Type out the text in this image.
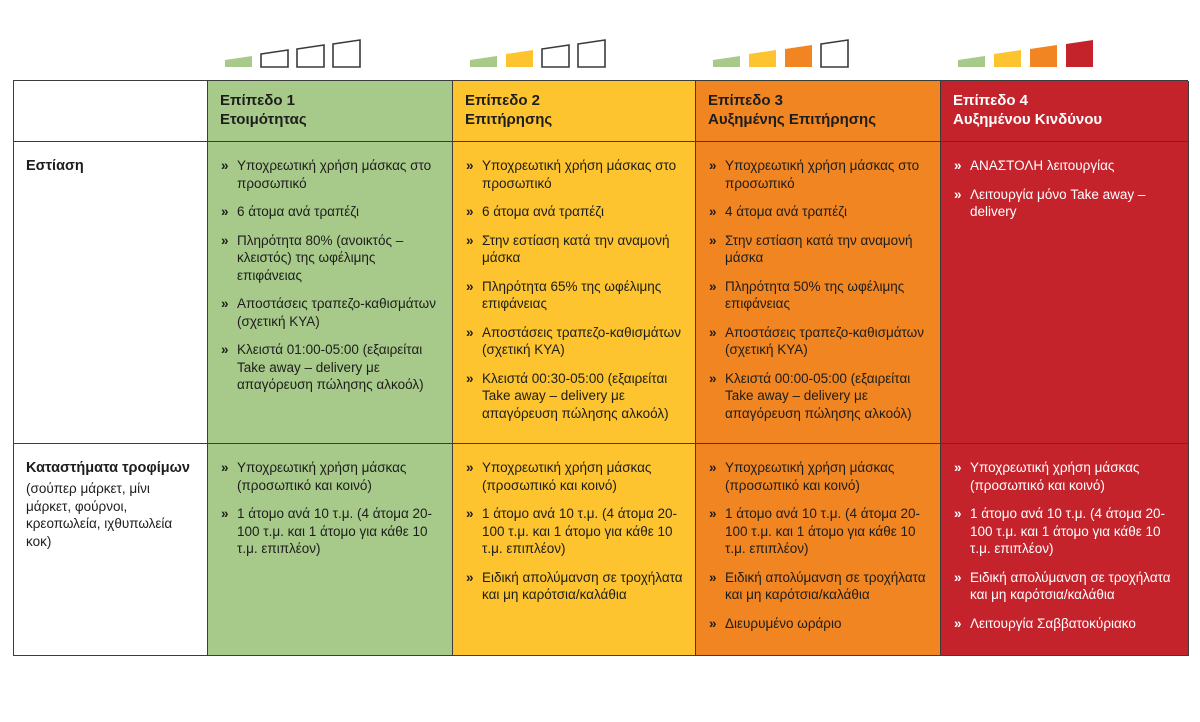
Επίπεδο 1
Ετοιμότητας
Επίπεδο 2
Επιτήρησης
Επίπεδο 3
Αυξημένης Επιτήρησης
Επίπεδο 4
Αυξημένου Κινδύνου
Εστίαση	» Υποχρεωτική χρήση μάσκας στο προσωπικό
» 6 άτομα ανά τραπέζι
» Πληρότητα 80% (ανοικτός – κλειστός) της ωφέλιμης επιφάνειας
» Αποστάσεις τραπεζο-καθισμάτων (σχετική ΚΥΑ)
» Κλειστά 01:00-05:00 (εξαιρείται Take away – delivery με απαγόρευση πώλησης αλκοόλ)
» Υποχρεωτική χρήση μάσκας στο προσωπικό
» 6 άτομα ανά τραπέζι
» Στην εστίαση κατά την αναμονή μάσκα
» Πληρότητα 65% της ωφέλιμης επιφάνειας
» Αποστάσεις τραπεζο-καθισμάτων (σχετική ΚΥΑ)
» Κλειστά 00:30-05:00 (εξαιρείται Take away – delivery με απαγόρευση πώλησης αλκοόλ)
» Υποχρεωτική χρήση μάσκας στο προσωπικό
» 4 άτομα ανά τραπέζι
» Στην εστίαση κατά την αναμονή μάσκα
» Πληρότητα 50% της ωφέλιμης επιφάνειας
» Αποστάσεις τραπεζο-καθισμάτων (σχετική ΚΥΑ)
» Κλειστά 00:00-05:00 (εξαιρείται Take away – delivery με απαγόρευση πώλησης αλκοόλ)
» ΑΝΑΣΤΟΛΗ λειτουργίας
» Λειτουργία μόνο Take away – delivery
Καταστήματα τροφίμων
(σούπερ μάρκετ, μίνι μάρκετ, φούρνοι, κρεοπωλεία, ιχθυπωλεία κοκ)
» Υποχρεωτική χρήση μάσκας (προσωπικό και κοινό)
» 1 άτομο ανά 10 τ.μ. (4 άτομα 20-100 τ.μ. και 1 άτομο για κάθε 10 τ.μ. επιπλέον)
» Υποχρεωτική χρήση μάσκας (προσωπικό και κοινό)
» 1 άτομο ανά 10 τ.μ. (4 άτομα 20-100 τ.μ. και 1 άτομο για κάθε 10 τ.μ. επιπλέον)
» Ειδική απολύμανση σε τροχήλατα και μη καρότσια/καλάθια
» Υποχρεωτική χρήση μάσκας (προσωπικό και κοινό)
» 1 άτομο ανά 10 τ.μ. (4 άτομα 20-100 τ.μ. και 1 άτομο για κάθε 10 τ.μ. επιπλέον)
» Ειδική απολύμανση σε τροχήλατα και μη καρότσια/καλάθια
» Διευρυμένο ωράριο
» Υποχρεωτική χρήση μάσκας (προσωπικό και κοινό)
» 1 άτομο ανά 10 τ.μ. (4 άτομα 20-100 τ.μ. και 1 άτομο για κάθε 10 τ.μ. επιπλέον)
» Ειδική απολύμανση σε τροχήλατα και μη καρότσια/καλάθια
» Λειτουργία Σαββατοκύριακο
